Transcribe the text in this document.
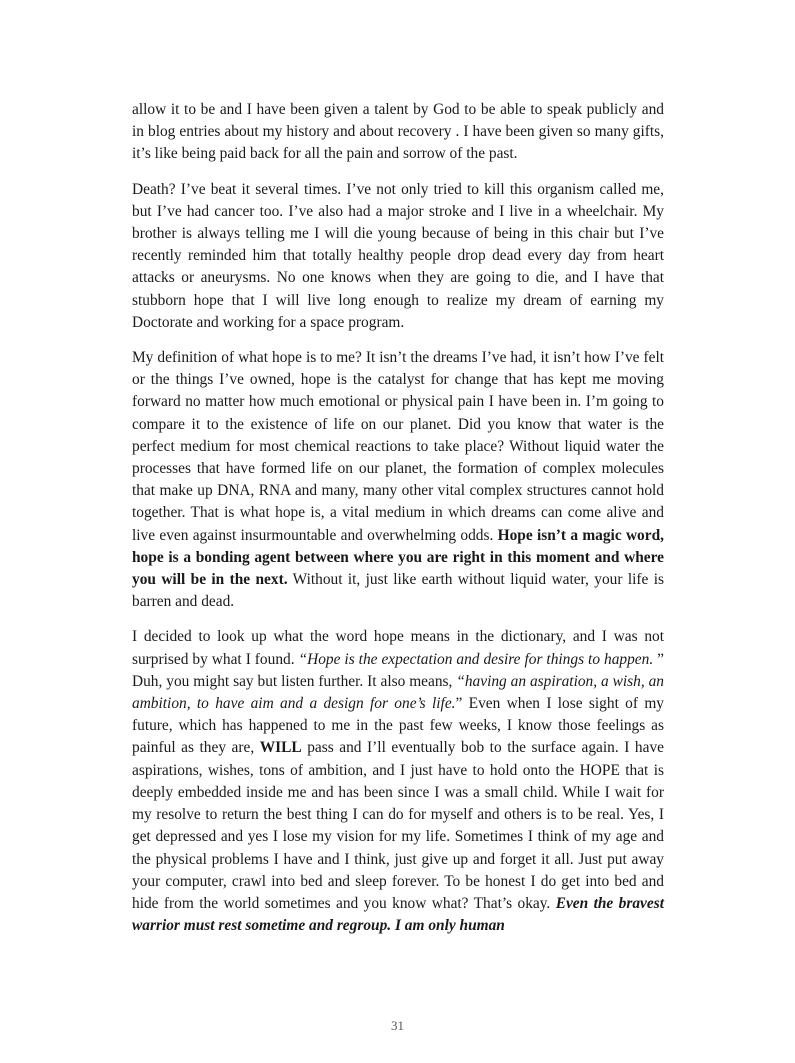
allow it to be and I have been given a talent by God to be able to speak publicly and in blog entries about my history and about recovery . I have been given so many gifts, it’s like being paid back for all the pain and sorrow of the past.

Death? I’ve beat it several times. I’ve not only tried to kill this organism called me, but I’ve had cancer too. I’ve also had a major stroke and I live in a wheelchair. My brother is always telling me I will die young because of being in this chair but I’ve recently reminded him that totally healthy people drop dead every day from heart attacks or aneurysms. No one knows when they are going to die, and I have that stubborn hope that I will live long enough to realize my dream of earning my Doctorate and working for a space program.

My definition of what hope is to me? It isn’t the dreams I’ve had, it isn’t how I’ve felt or the things I’ve owned, hope is the catalyst for change that has kept me moving forward no matter how much emotional or physical pain I have been in. I’m going to compare it to the existence of life on our planet. Did you know that water is the perfect medium for most chemical reactions to take place? Without liquid water the processes that have formed life on our planet, the formation of complex molecules that make up DNA, RNA and many, many other vital complex structures cannot hold together. That is what hope is, a vital medium in which dreams can come alive and live even against insurmountable and overwhelming odds. Hope isn’t a magic word, hope is a bonding agent between where you are right in this moment and where you will be in the next. Without it, just like earth without liquid water, your life is barren and dead.

I decided to look up what the word hope means in the dictionary, and I was not surprised by what I found. “Hope is the expectation and desire for things to happen. ” Duh, you might say but listen further. It also means, “having an aspiration, a wish, an ambition, to have aim and a design for one’s life.” Even when I lose sight of my future, which has happened to me in the past few weeks, I know those feelings as painful as they are, WILL pass and I’ll eventually bob to the surface again. I have aspirations, wishes, tons of ambition, and I just have to hold onto the HOPE that is deeply embedded inside me and has been since I was a small child. While I wait for my resolve to return the best thing I can do for myself and others is to be real. Yes, I get depressed and yes I lose my vision for my life. Sometimes I think of my age and the physical problems I have and I think, just give up and forget it all. Just put away your computer, crawl into bed and sleep forever. To be honest I do get into bed and hide from the world sometimes and you know what? That’s okay. Even the bravest warrior must rest sometime and regroup. I am only human

31
